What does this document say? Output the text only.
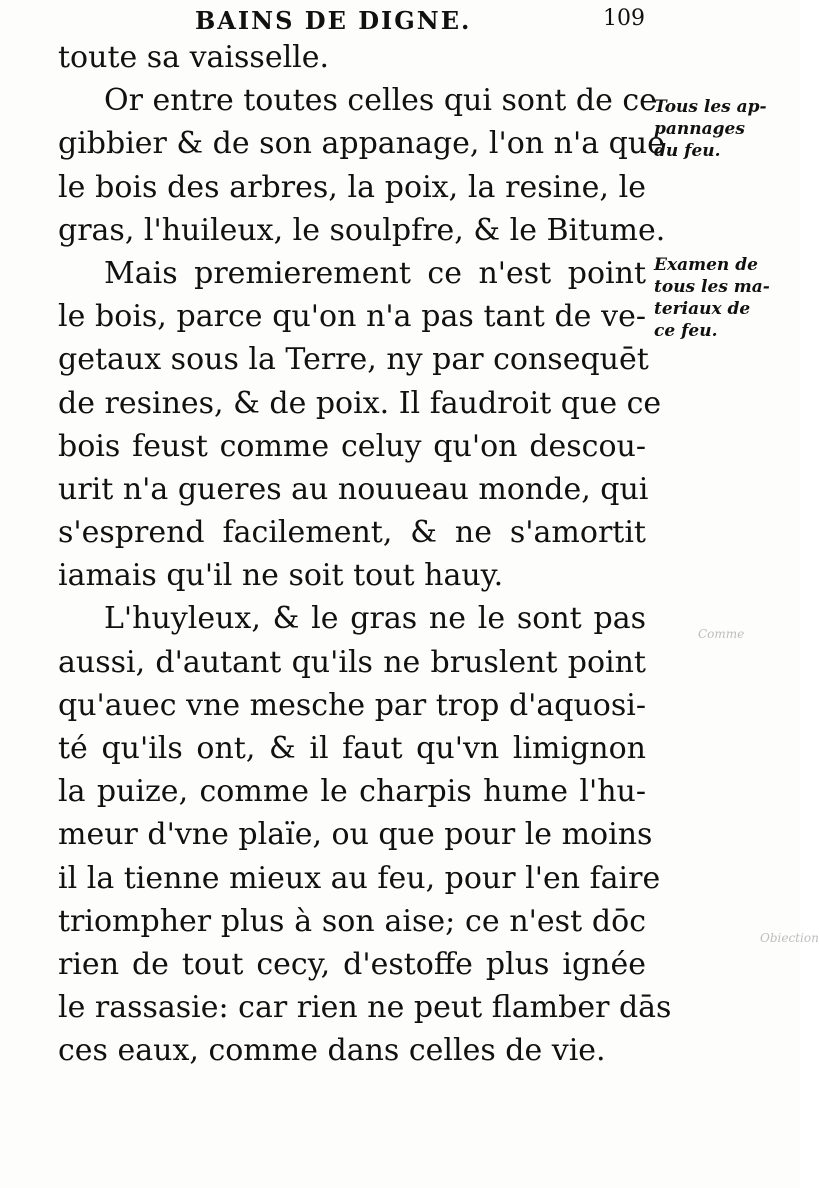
BAINS DE DIGNE.	109
toute sa vaisselle.
Or entre toutes celles qui sont de ce
gibbier & de son appanage, l'on n'a que
le bois des arbres, la poix, la resine, le
gras, l'huileux, le soulpfre, & le Bitume.
Mais premierement ce n'est point
le bois, parce qu'on n'a pas tant de ve-
getaux sous la Terre, ny par consequēt
de resines, & de poix. Il faudroit que ce
bois feust comme celuy qu'on descou-
urit n'a gueres au nouueau monde, qui
s'esprend facilement, & ne s'amortit
iamais qu'il ne soit tout hauy.
L'huyleux, & le gras ne le sont pas
aussi, d'autant qu'ils ne bruslent point
qu'auec vne mesche par trop d'aquosi-
té qu'ils ont, & il faut qu'vn limignon
la puize, comme le charpis hume l'hu-
meur d'vne plaïe, ou que pour le moins
il la tienne mieux au feu, pour l'en faire
triompher plus à son aise; ce n'est dōc
rien de tout cecy, d'estoffe plus ignée
le rassasie: car rien ne peut flamber dās
ces eaux, comme dans celles de vie.
Tous les ap-
pannages
du feu.
Examen de
tous les ma-
teriaux de
ce feu.
Comme
Obiection
